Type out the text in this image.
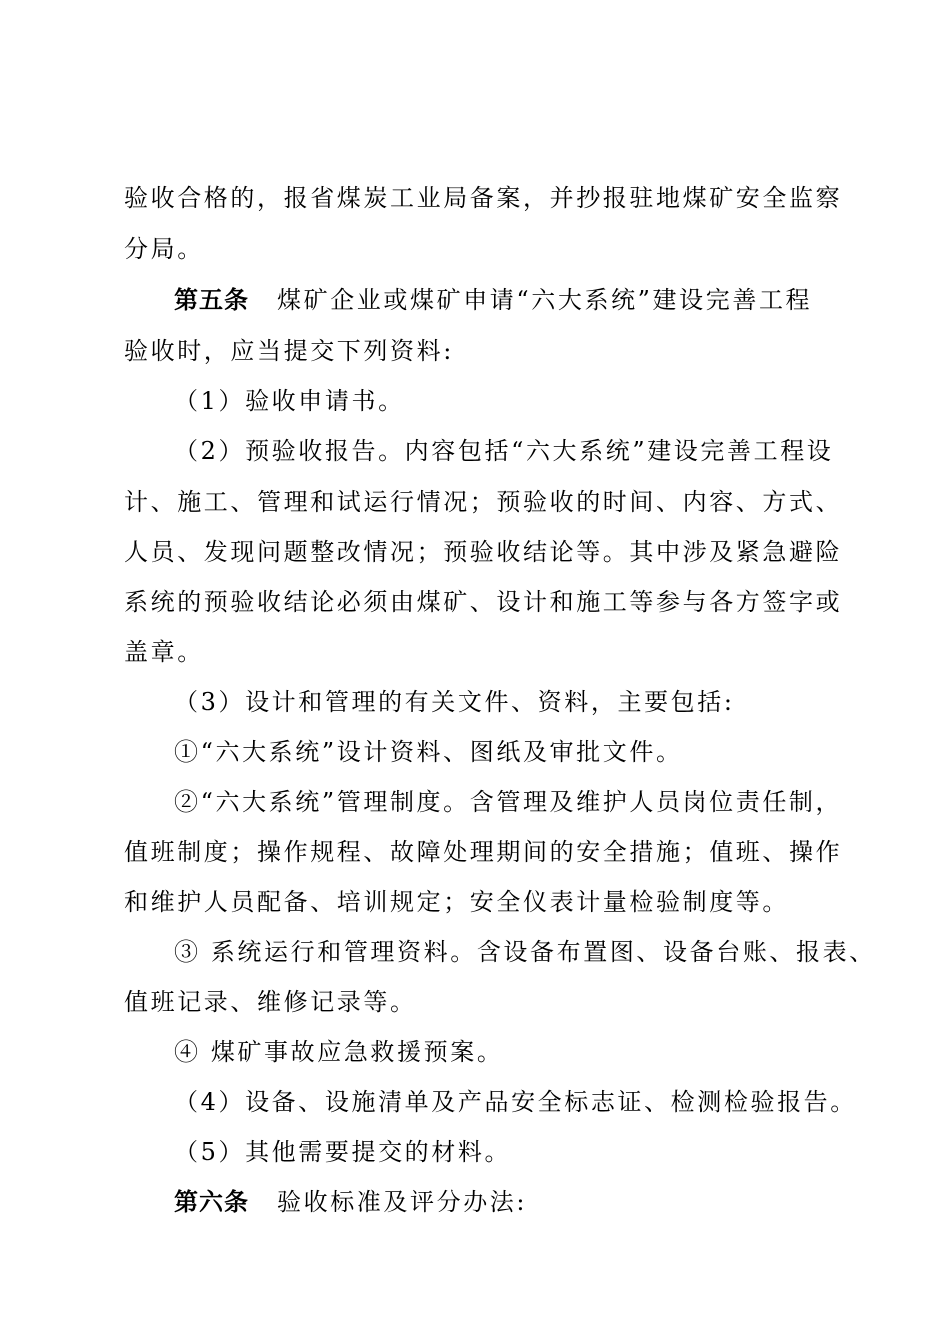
验收合格的，报省煤炭工业局备案，并抄报驻地煤矿安全监察
分局。
第五条 煤矿企业或煤矿申请“六大系统”建设完善工程
验收时，应当提交下列资料:
（1）验收申请书。
（2）预验收报告。内容包括“六大系统”建设完善工程设
计、施工、管理和试运行情况；预验收的时间、内容、方式、
人员、发现问题整改情况；预验收结论等。其中涉及紧急避险
系统的预验收结论必须由煤矿、设计和施工等参与各方签字或
盖章。
（3）设计和管理的有关文件、资料，主要包括:
①“六大系统”设计资料、图纸及审批文件。
②“六大系统”管理制度。含管理及维护人员岗位责任制，
值班制度；操作规程、故障处理期间的安全措施；值班、操作
和维护人员配备、培训规定；安全仪表计量检验制度等。
③ 系统运行和管理资料。含设备布置图、设备台账、报表、
值班记录、维修记录等。
④ 煤矿事故应急救援预案。
（4）设备、设施清单及产品安全标志证、检测检验报告。
（5）其他需要提交的材料。
第六条 验收标准及评分办法:
